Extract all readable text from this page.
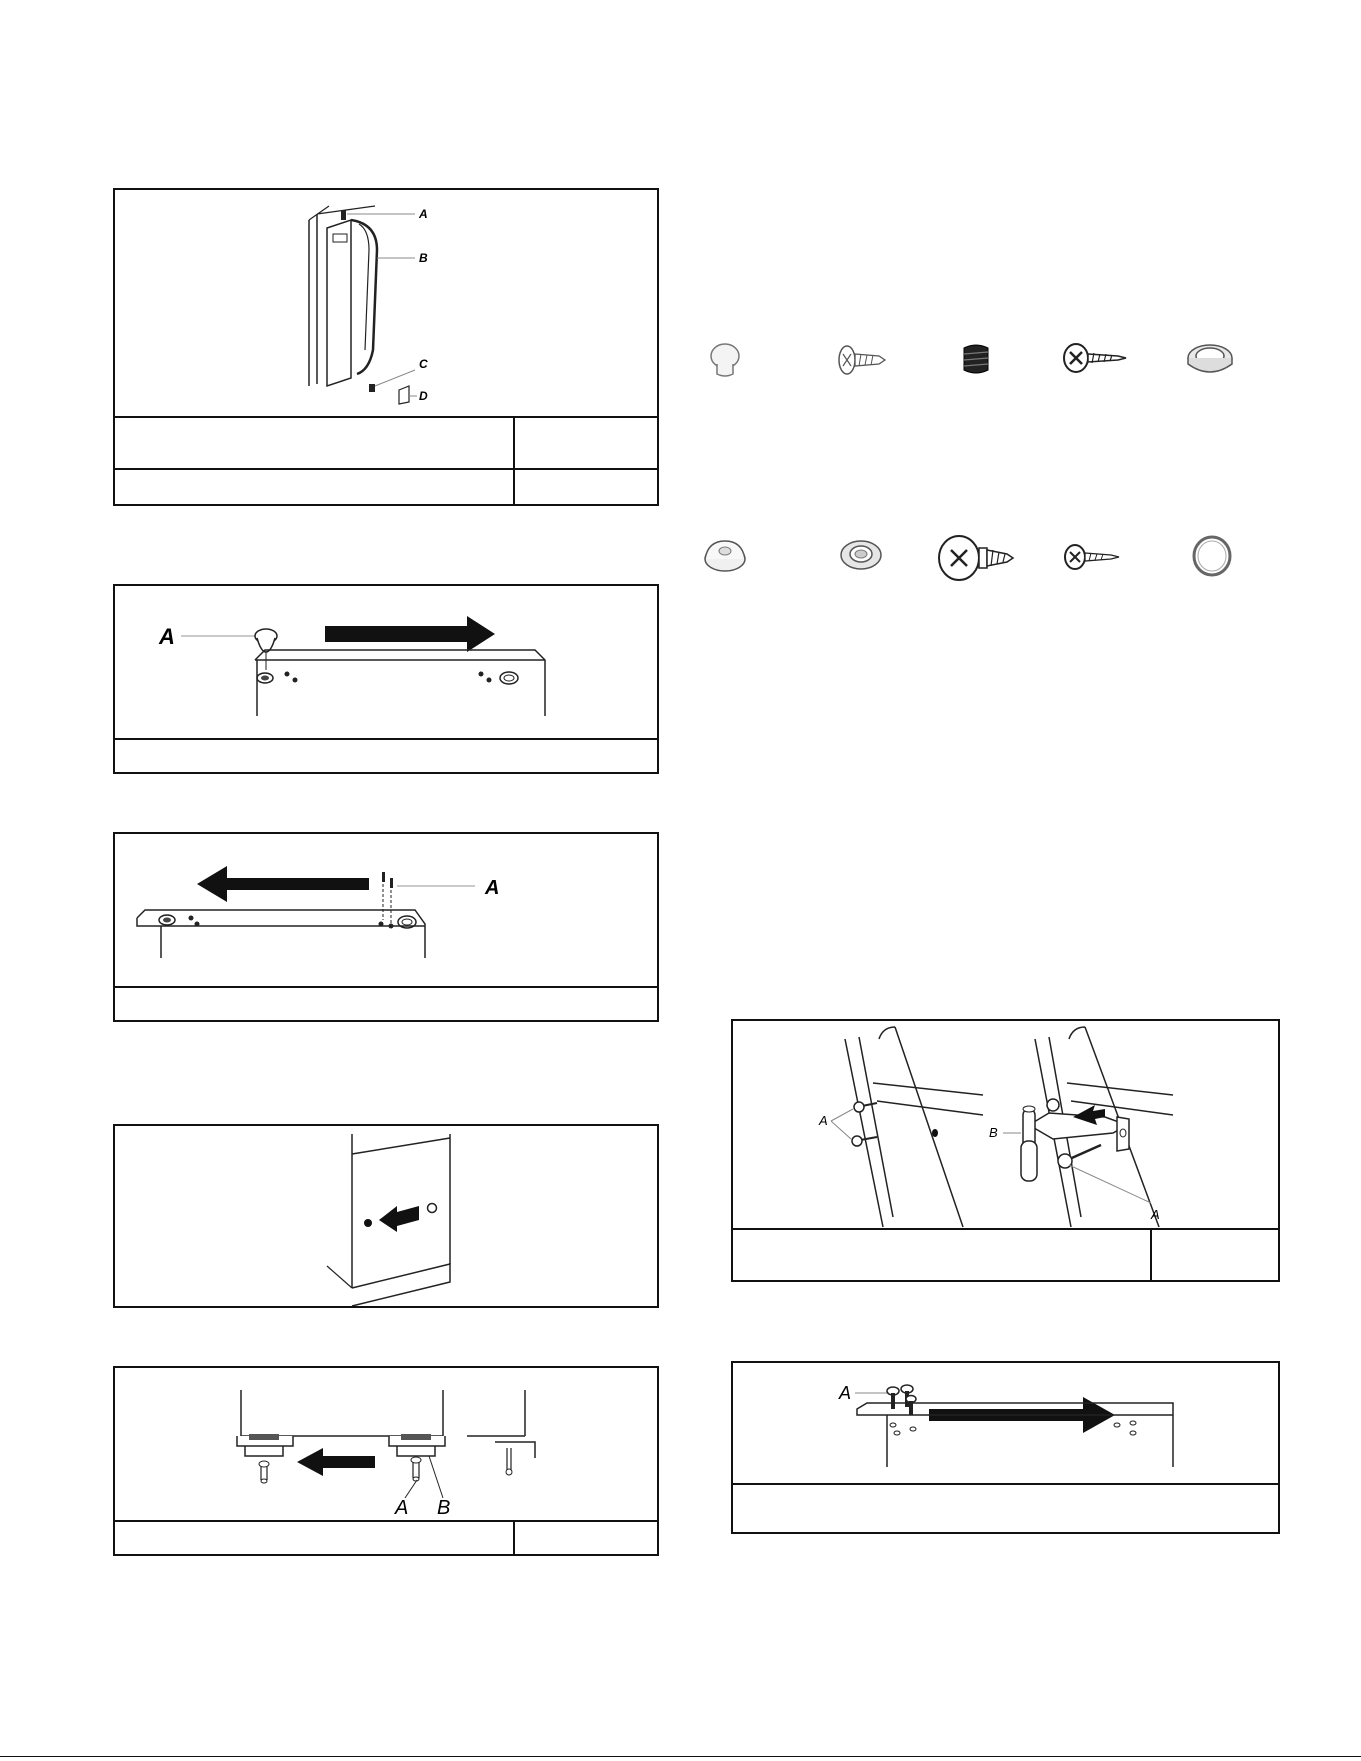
A
B
C
D
A
A
A B
A
A
B
A
